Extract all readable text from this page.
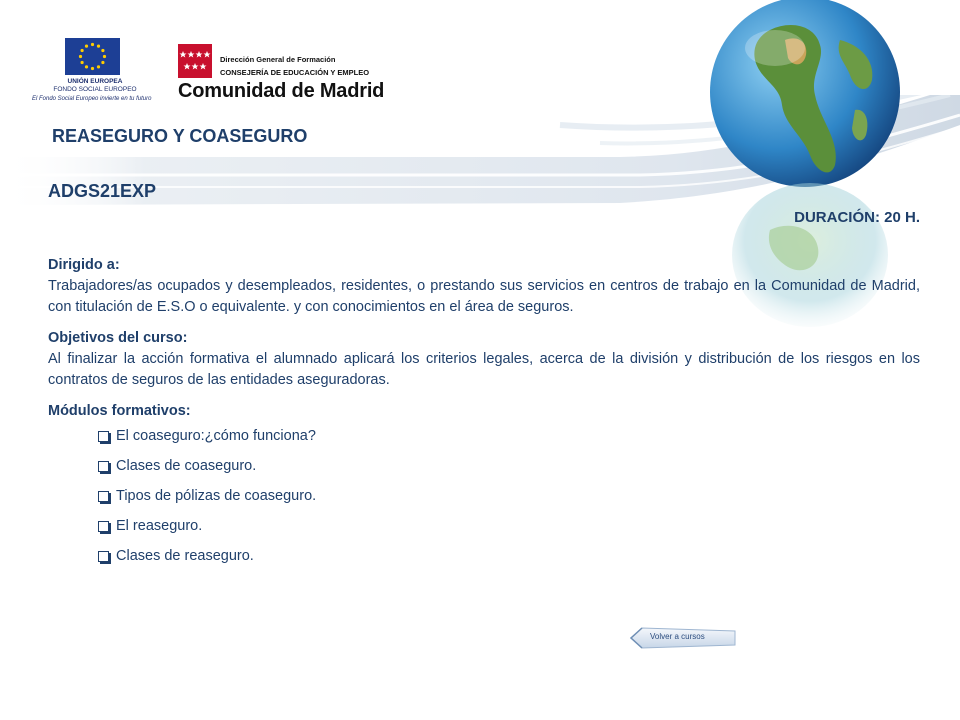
UNIÓN EUROPEA
FONDO SOCIAL EUROPEO
El Fondo Social Europeo invierte en tu futuro
Dirección General de Formación
CONSEJERÍA DE EDUCACIÓN Y EMPLEO
Comunidad de Madrid
REASEGURO Y COASEGURO
ADGS21EXP
DURACIÓN: 20 H.

Dirigido a:

Trabajadores/as ocupados y desempleados, residentes, o prestando sus servicios en centros de trabajo en la Comunidad de Madrid, con titulación de E.S.O o equivalente. y con conocimientos en el área de seguros.

Objetivos del curso:

Al finalizar la acción formativa el alumnado aplicará los criterios legales, acerca de la división y distribución de los riesgos en los contratos de seguros de las entidades aseguradoras.

Módulos formativos:

El coaseguro:¿cómo funciona?
Clases de coaseguro.
Tipos de pólizas de coaseguro.
El reaseguro.
Clases de reaseguro.
Volver a cursos
